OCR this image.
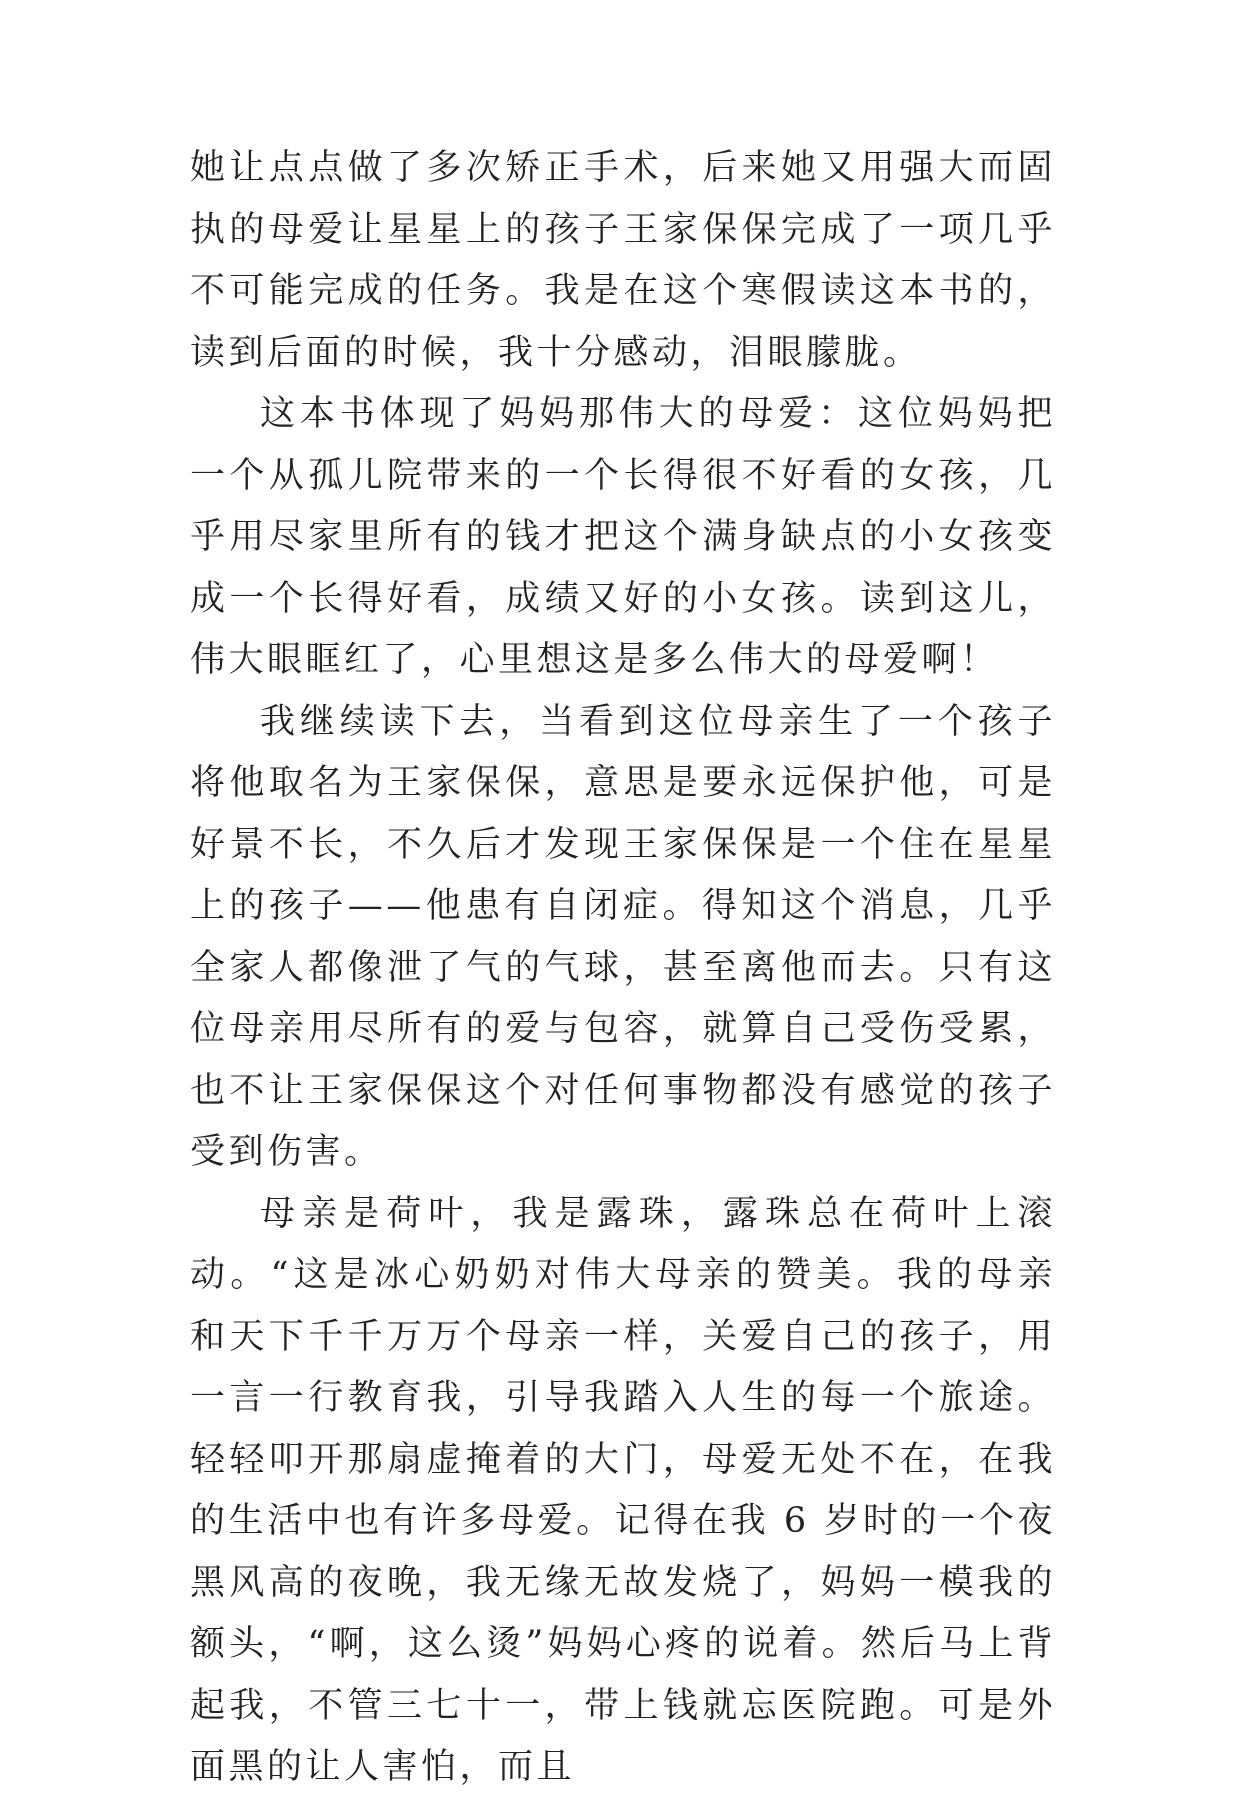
她让点点做了多次矫正手术，后来她又用强大而固执的母爱让星星上的孩子王家保保完成了一项几乎不可能完成的任务。我是在这个寒假读这本书的，读到后面的时候，我十分感动，泪眼朦胧。

这本书体现了妈妈那伟大的母爱：这位妈妈把一个从孤儿院带来的一个长得很不好看的女孩，几乎用尽家里所有的钱才把这个满身缺点的小女孩变成一个长得好看，成绩又好的小女孩。读到这儿，伟大眼眶红了，心里想这是多么伟大的母爱啊！

我继续读下去，当看到这位母亲生了一个孩子将他取名为王家保保，意思是要永远保护他，可是好景不长，不久后才发现王家保保是一个住在星星上的孩子——他患有自闭症。得知这个消息，几乎全家人都像泄了气的气球，甚至离他而去。只有这位母亲用尽所有的爱与包容，就算自己受伤受累，也不让王家保保这个对任何事物都没有感觉的孩子受到伤害。

母亲是荷叶，我是露珠，露珠总在荷叶上滚动。“这是冰心奶奶对伟大母亲的赞美。我的母亲和天下千千万万个母亲一样，关爱自己的孩子，用一言一行教育我，引导我踏入人生的每一个旅途。轻轻叩开那扇虚掩着的大门，母爱无处不在，在我的生活中也有许多母爱。记得在我 6 岁时的一个夜黑风高的夜晚，我无缘无故发烧了，妈妈一模我的额头，“啊，这么烫”妈妈心疼的说着。然后马上背起我，不管三七十一，带上钱就忘医院跑。可是外面黑的让人害怕，而且
